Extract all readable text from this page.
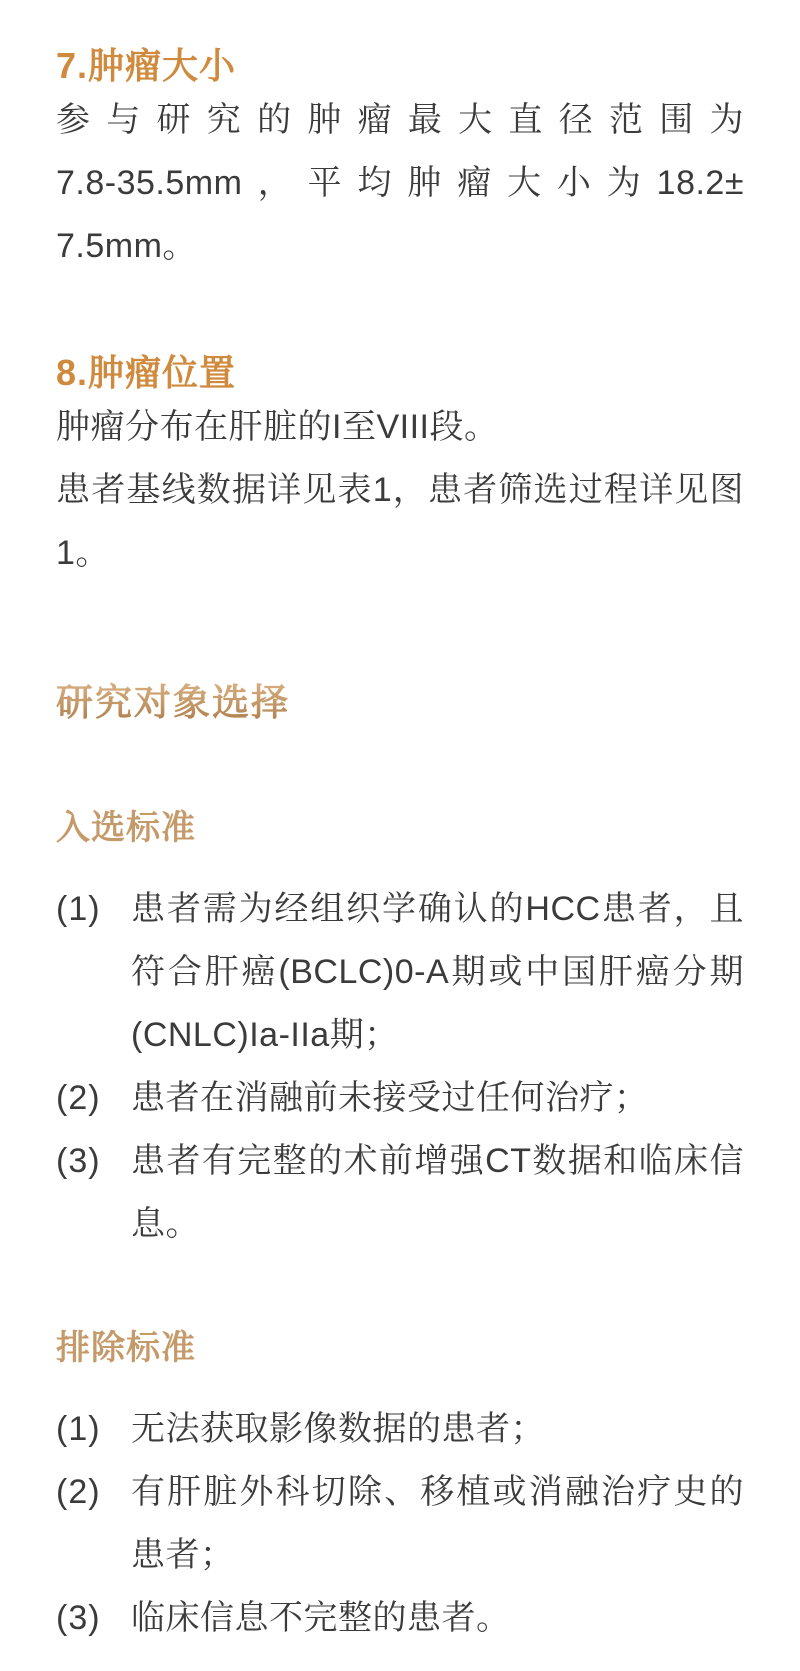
7.肿瘤大小
参与研究的肿瘤最大直径范围为
7.8-35.5mm，平均肿瘤大小为18.2±
7.5mm。
8.肿瘤位置
肿瘤分布在肝脏的I至VIII段。
患者基线数据详见表1，患者筛选过程详见图
1。
研究对象选择
入选标准
(1) 患者需为经组织学确认的HCC患者，且
符合肝癌(BCLC)0-A期或中国肝癌分期
(CNLC)Ia-IIa期；
(2) 患者在消融前未接受过任何治疗；
(3) 患者有完整的术前增强CT数据和临床信
息。
排除标准
(1) 无法获取影像数据的患者；
(2) 有肝脏外科切除、移植或消融治疗史的
患者；
(3) 临床信息不完整的患者。
